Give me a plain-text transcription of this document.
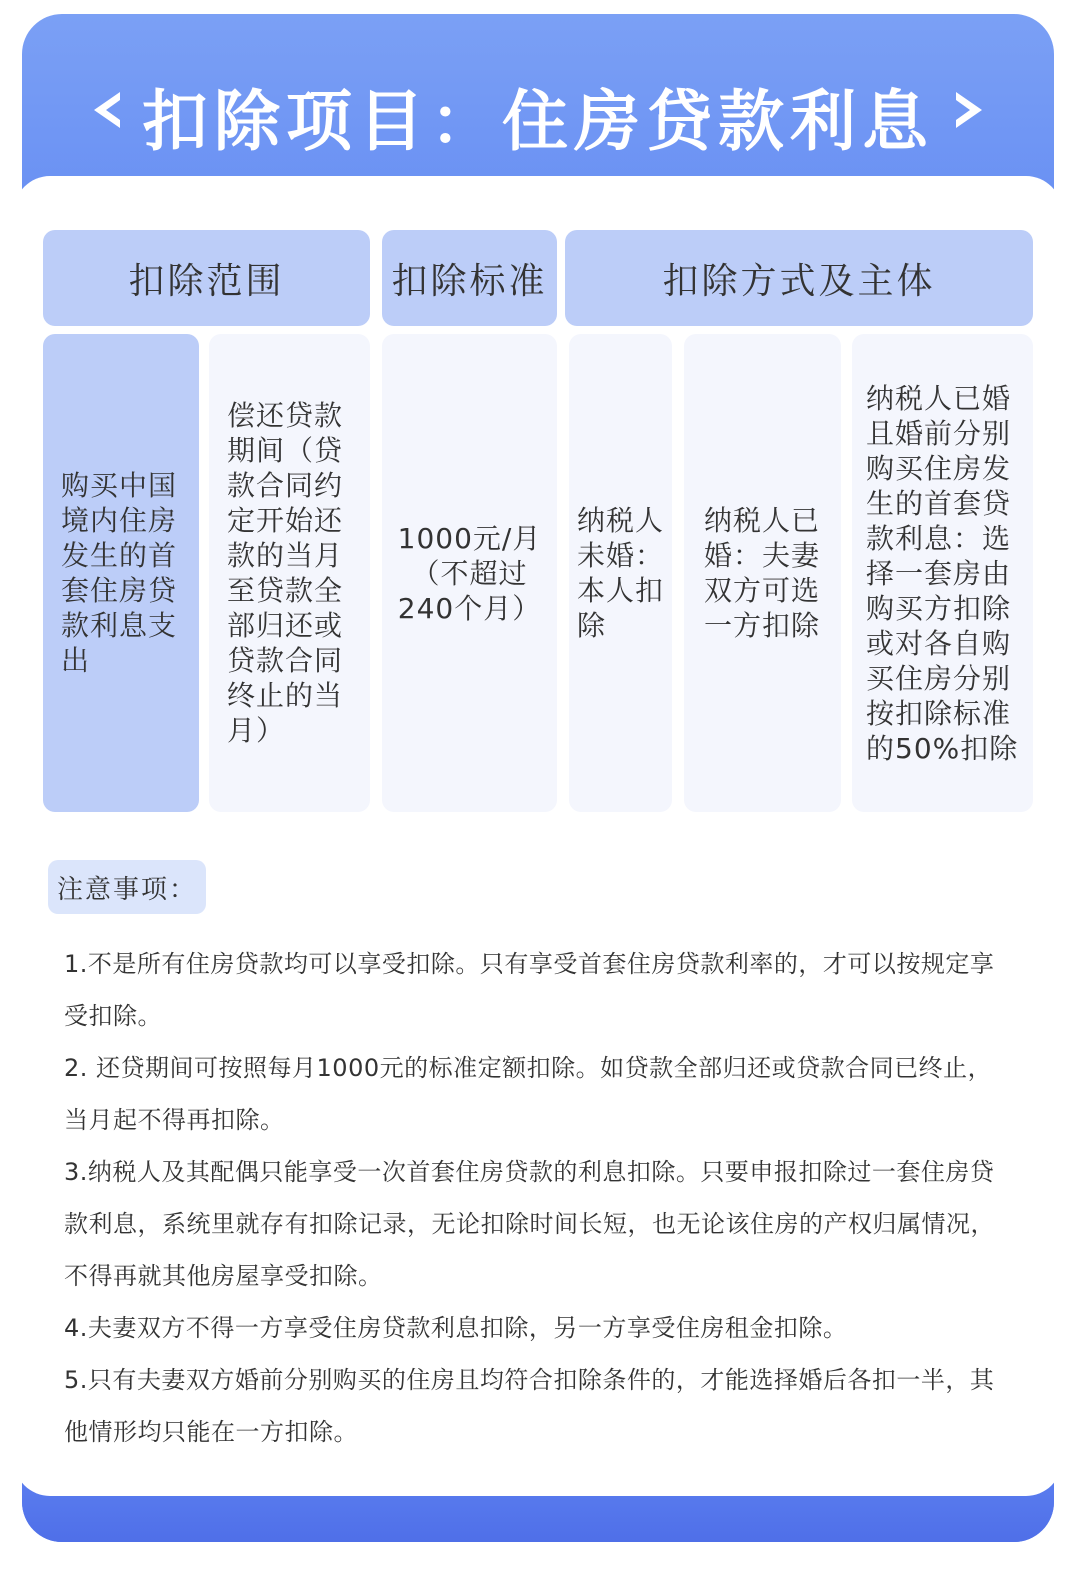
扣除项目：住房贷款利息
扣除范围	扣除标准	扣除方式及主体
购买中国
境内住房
发生的首
套住房贷
款利息支
出
偿还贷款
期间（贷
款合同约
定开始还
款的当月
至贷款全
部归还或
贷款合同
终止的当
月）
1000元/月
（不超过
240个月）
纳税人
未婚：
本人扣
除
纳税人已
婚：夫妻
双方可选
一方扣除
纳税人已婚
且婚前分别
购买住房发
生的首套贷
款利息：选
择一套房由
购买方扣除
或对各自购
买住房分别
按扣除标准
的50%扣除
注意事项：

1.不是所有住房贷款均可以享受扣除。只有享受首套住房贷款利率的，才可以按规定享受扣除。

2. 还贷期间可按照每月1000元的标准定额扣除。如贷款全部归还或贷款合同已终止，当月起不得再扣除。

3.纳税人及其配偶只能享受一次首套住房贷款的利息扣除。只要申报扣除过一套住房贷款利息，系统里就存有扣除记录，无论扣除时间长短，也无论该住房的产权归属情况，不得再就其他房屋享受扣除。

4.夫妻双方不得一方享受住房贷款利息扣除，另一方享受住房租金扣除。

5.只有夫妻双方婚前分别购买的住房且均符合扣除条件的，才能选择婚后各扣一半，其他情形均只能在一方扣除。
